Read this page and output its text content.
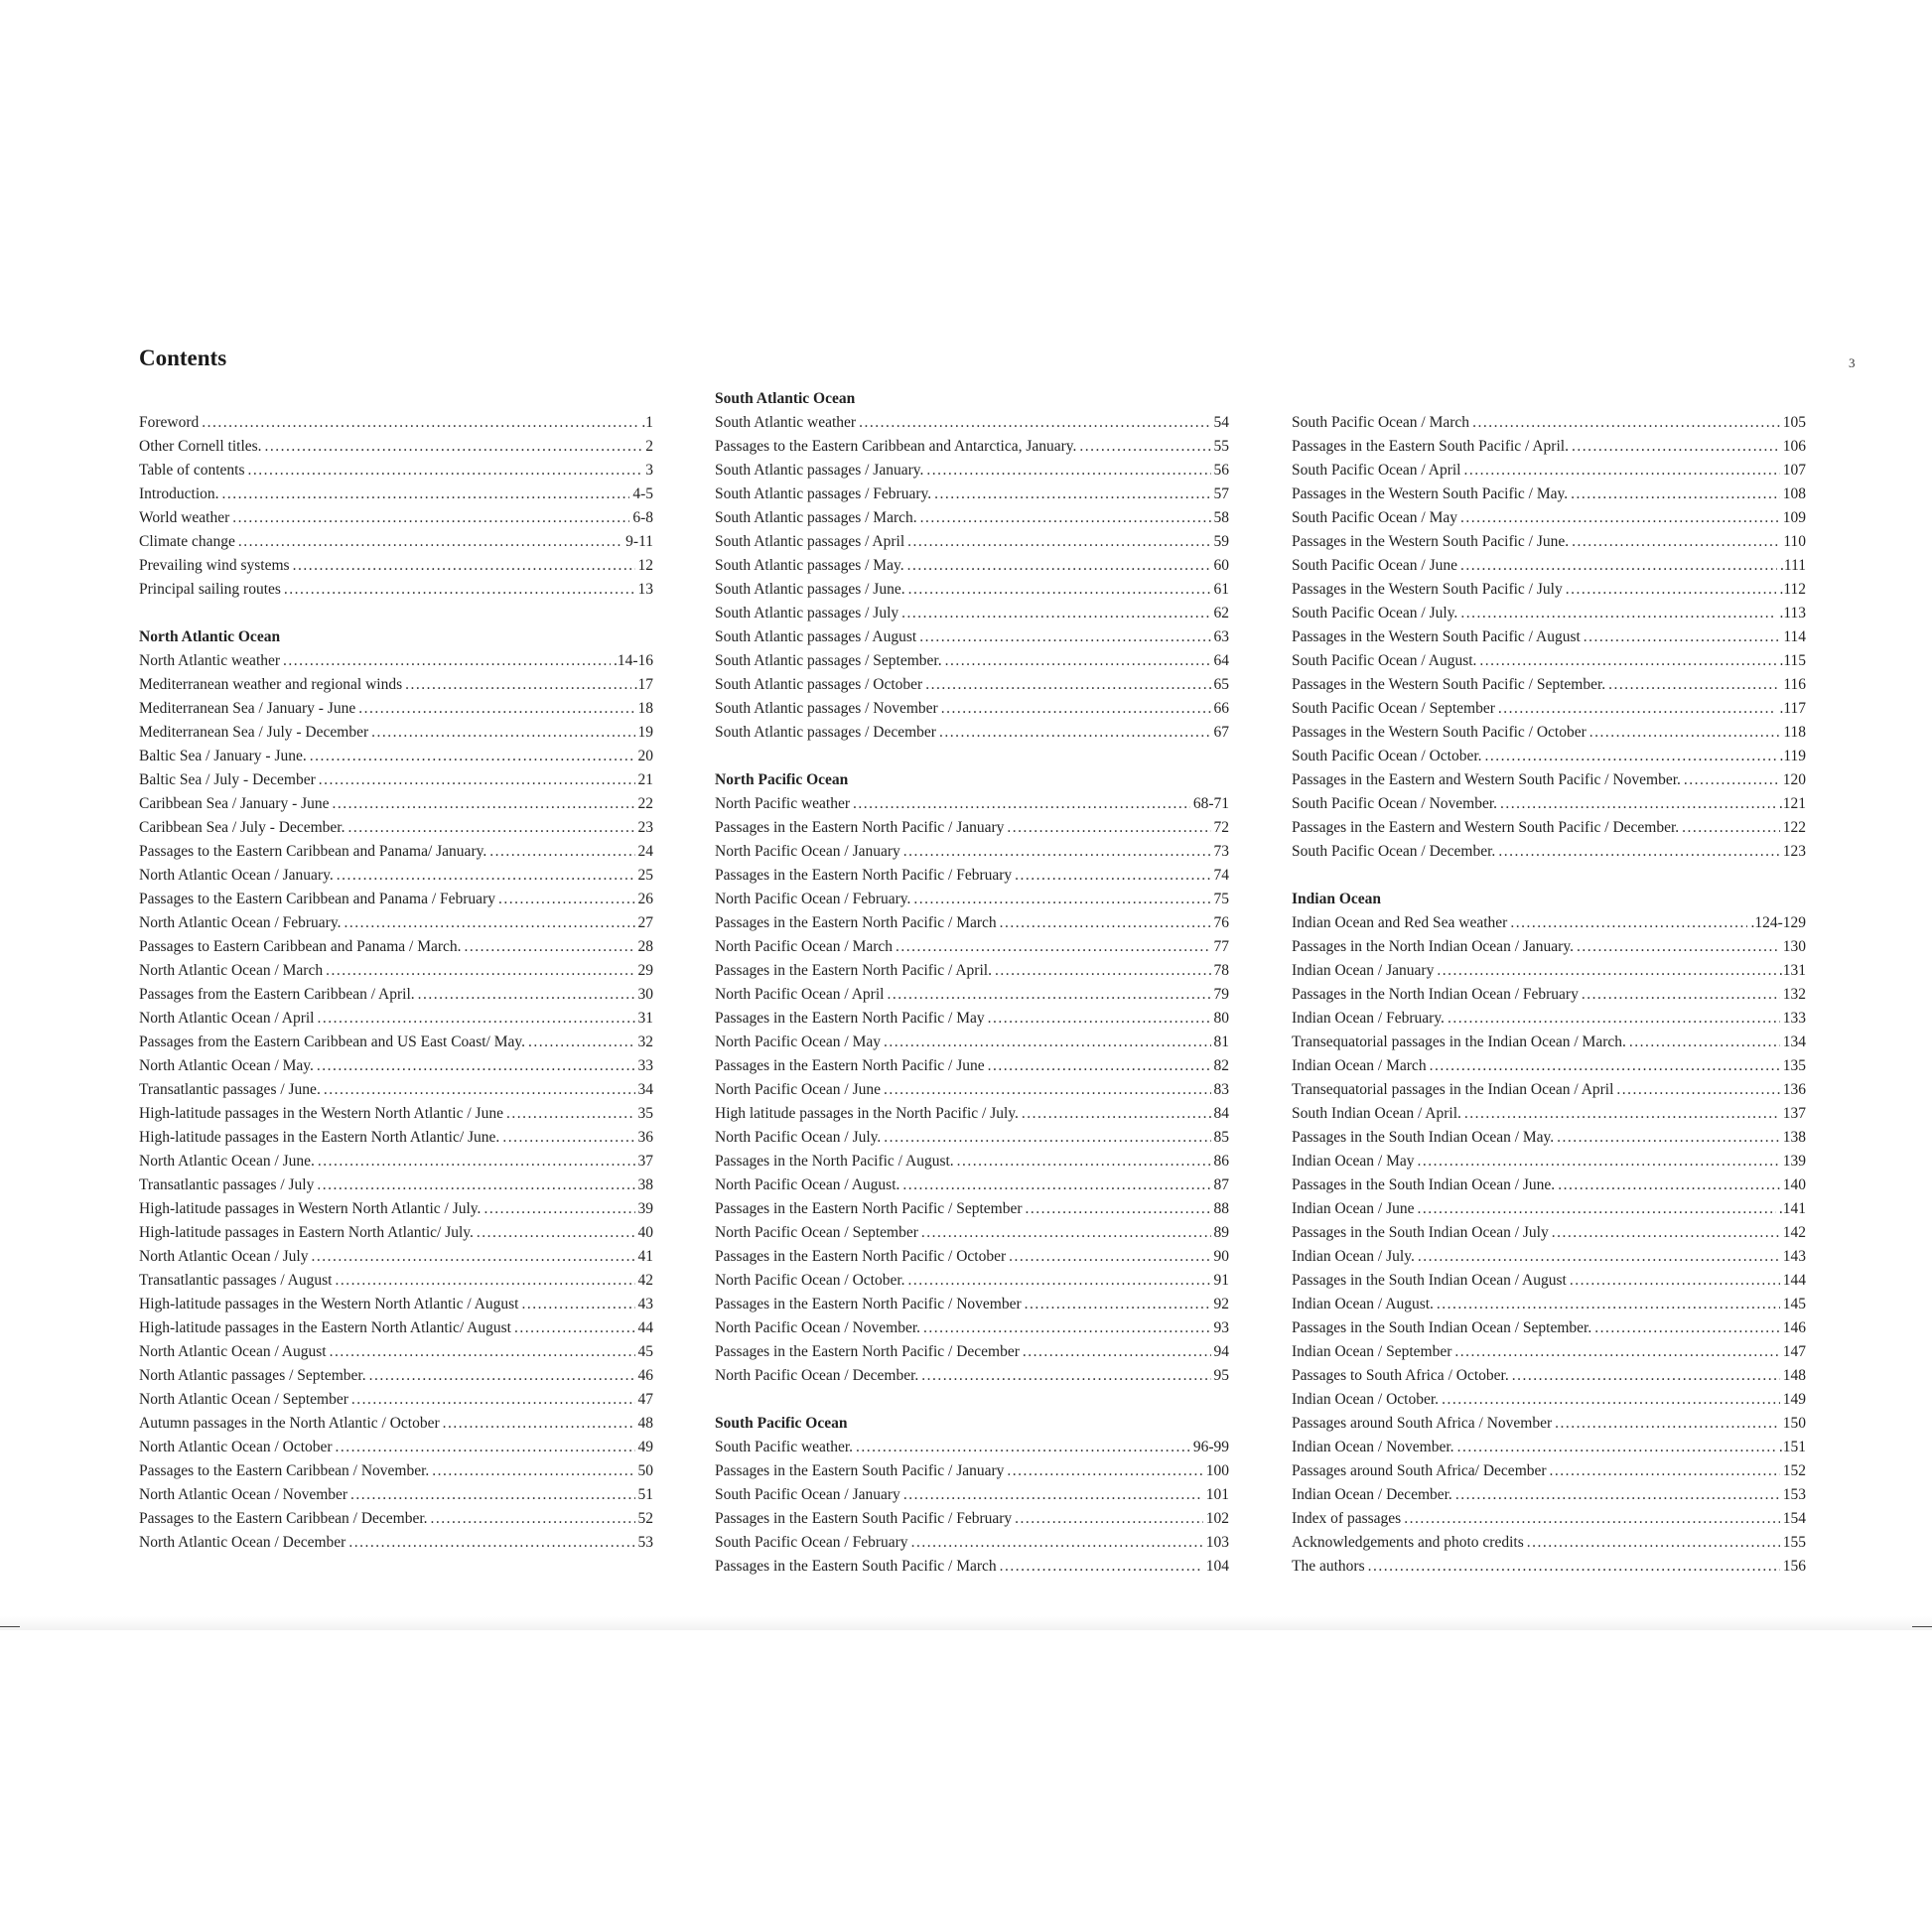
Contents	3
Foreword .....	.1
Other Cornell titles. .....	2
Table of contents .....	3
Introduction. .....	4-5
World weather .....	6-8
Climate change .....	9-11
Prevailing wind systems .....	12
Principal sailing routes .....	13
North Atlantic Ocean
North Atlantic weather .....	.14-16
Mediterranean weather and regional winds .....	.17
Mediterranean Sea / January - June .....	18
Mediterranean Sea / July - December .....	19
Baltic Sea / January - June. .....	20
Baltic Sea / July - December .....	21
Caribbean Sea / January - June .....	22
Caribbean Sea / July - December. .....	23
Passages to the Eastern Caribbean and Panama/ January. .....	24
North Atlantic Ocean / January. .....	25
Passages to the Eastern Caribbean and Panama / February .....	26
North Atlantic Ocean / February. .....	27
Passages to Eastern Caribbean and Panama / March. .....	28
North Atlantic Ocean / March .....	29
Passages from the Eastern Caribbean / April. .....	30
North Atlantic Ocean / April .....	31
Passages from the Eastern Caribbean and US East Coast/ May. .....	32
North Atlantic Ocean / May. .....	33
Transatlantic passages / June. .....	34
High-latitude passages in the Western North Atlantic / June .....	35
High-latitude passages in the Eastern North Atlantic/ June. .....	36
North Atlantic Ocean / June. .....	37
Transatlantic passages / July .....	38
High-latitude passages in Western North Atlantic / July. .....	39
High-latitude passages in Eastern North Atlantic/ July. .....	40
North Atlantic Ocean / July .....	41
Transatlantic passages / August .....	42
High-latitude passages in the Western North Atlantic / August .....	43
High-latitude passages in the Eastern North Atlantic/ August .....	44
North Atlantic Ocean / August .....	45
North Atlantic passages / September. .....	46
North Atlantic Ocean / September .....	47
Autumn passages in the North Atlantic / October .....	48
North Atlantic Ocean / October .....	49
Passages to the Eastern Caribbean / November. .....	50
North Atlantic Ocean / November .....	51
Passages to the Eastern Caribbean / December. .....	52
North Atlantic Ocean / December .....	53
South Atlantic Ocean
South Atlantic weather .....	54
Passages to the Eastern Caribbean and Antarctica, January. .....	55
South Atlantic passages / January. .....	56
South Atlantic passages / February. .....	57
South Atlantic passages / March. .....	58
South Atlantic passages / April .....	59
South Atlantic passages / May. .....	60
South Atlantic passages / June. .....	61
South Atlantic passages / July .....	62
South Atlantic passages / August .....	63
South Atlantic passages / September. .....	64
South Atlantic passages / October .....	65
South Atlantic passages / November .....	66
South Atlantic passages / December .....	67
North Pacific Ocean
North Pacific weather .....	68-71
Passages in the Eastern North Pacific / January .....	72
North Pacific Ocean / January .....	73
Passages in the Eastern North Pacific / February .....	74
North Pacific Ocean / February. .....	75
Passages in the Eastern North Pacific / March .....	76
North Pacific Ocean / March .....	77
Passages in the Eastern North Pacific / April. .....	78
North Pacific Ocean / April .....	79
Passages in the Eastern North Pacific / May .....	80
North Pacific Ocean / May .....	81
Passages in the Eastern North Pacific / June .....	82
North Pacific Ocean / June .....	83
High latitude passages in the North Pacific / July. .....	84
North Pacific Ocean / July. .....	85
Passages in the North Pacific / August. .....	86
North Pacific Ocean / August. .....	87
Passages in the Eastern North Pacific / September .....	88
North Pacific Ocean / September .....	89
Passages in the Eastern North Pacific / October .....	90
North Pacific Ocean / October. .....	91
Passages in the Eastern North Pacific / November .....	92
North Pacific Ocean / November. .....	93
Passages in the Eastern North Pacific / December .....	94
North Pacific Ocean / December. .....	95
South Pacific Ocean
South Pacific weather. .....	96-99
Passages in the Eastern South Pacific / January .....	100
South Pacific Ocean / January .....	101
Passages in the Eastern South Pacific / February .....	102
South Pacific Ocean / February .....	103
Passages in the Eastern South Pacific / March .....	104
South Pacific Ocean / March .....	105
Passages in the Eastern South Pacific / April. .....	106
South Pacific Ocean / April .....	107
Passages in the Western South Pacific / May. .....	108
South Pacific Ocean / May .....	109
Passages in the Western South Pacific / June. .....	110
South Pacific Ocean / June .....	.111
Passages in the Western South Pacific / July .....	.112
South Pacific Ocean / July. .....	.113
Passages in the Western South Pacific / August .....	114
South Pacific Ocean / August. .....	.115
Passages in the Western South Pacific / September. .....	116
South Pacific Ocean / September .....	.117
Passages in the Western South Pacific / October .....	118
South Pacific Ocean / October. .....	.119
Passages in the Eastern and Western South Pacific / November. .....	120
South Pacific Ocean / November. .....	.121
Passages in the Eastern and Western South Pacific / December. .....	122
South Pacific Ocean / December. .....	123
Indian Ocean
Indian Ocean and Red Sea weather .....	.124-129
Passages in the North Indian Ocean / January. .....	130
Indian Ocean / January .....	.131
Passages in the North Indian Ocean / February .....	132
Indian Ocean / February. .....	133
Transequatorial passages in the Indian Ocean / March. .....	134
Indian Ocean / March .....	135
Transequatorial passages in the Indian Ocean / April .....	136
South Indian Ocean / April. .....	137
Passages in the South Indian Ocean / May. .....	138
Indian Ocean / May .....	139
Passages in the South Indian Ocean / June. .....	140
Indian Ocean / June .....	.141
Passages in the South Indian Ocean / July .....	142
Indian Ocean / July. .....	143
Passages in the South Indian Ocean / August .....	144
Indian Ocean / August. .....	145
Passages in the South Indian Ocean / September. .....	146
Indian Ocean / September .....	147
Passages to South Africa / October. .....	148
Indian Ocean / October. .....	149
Passages around South Africa / November .....	150
Indian Ocean / November. .....	.151
Passages around South Africa/ December .....	152
Indian Ocean / December. .....	153
Index of passages .....	154
Acknowledgements and photo credits .....	155
The authors .....	156
